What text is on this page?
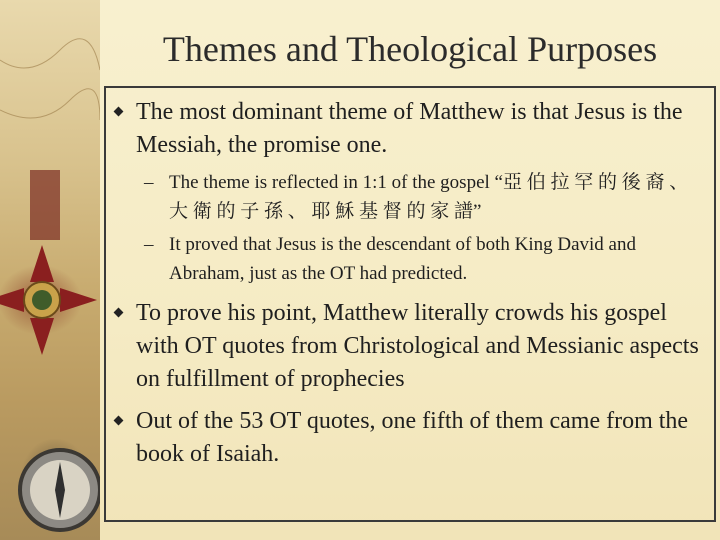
Themes and Theological Purposes
The most dominant theme of Matthew is that Jesus is the Messiah, the promise one.
– The theme is reflected in 1:1 of the gospel “亞 伯 拉 罕 的 後 裔 、 大 衛 的 子 孫 、 耶 穌 基 督 的 家 譜”
– It proved that Jesus is the descendant of both King David and Abraham, just as the OT had predicted.
To prove his point, Matthew literally crowds his gospel with OT quotes from Christological and Messianic aspects on fulfillment of prophecies
Out of the 53 OT quotes, one fifth of them came from the book of Isaiah.
